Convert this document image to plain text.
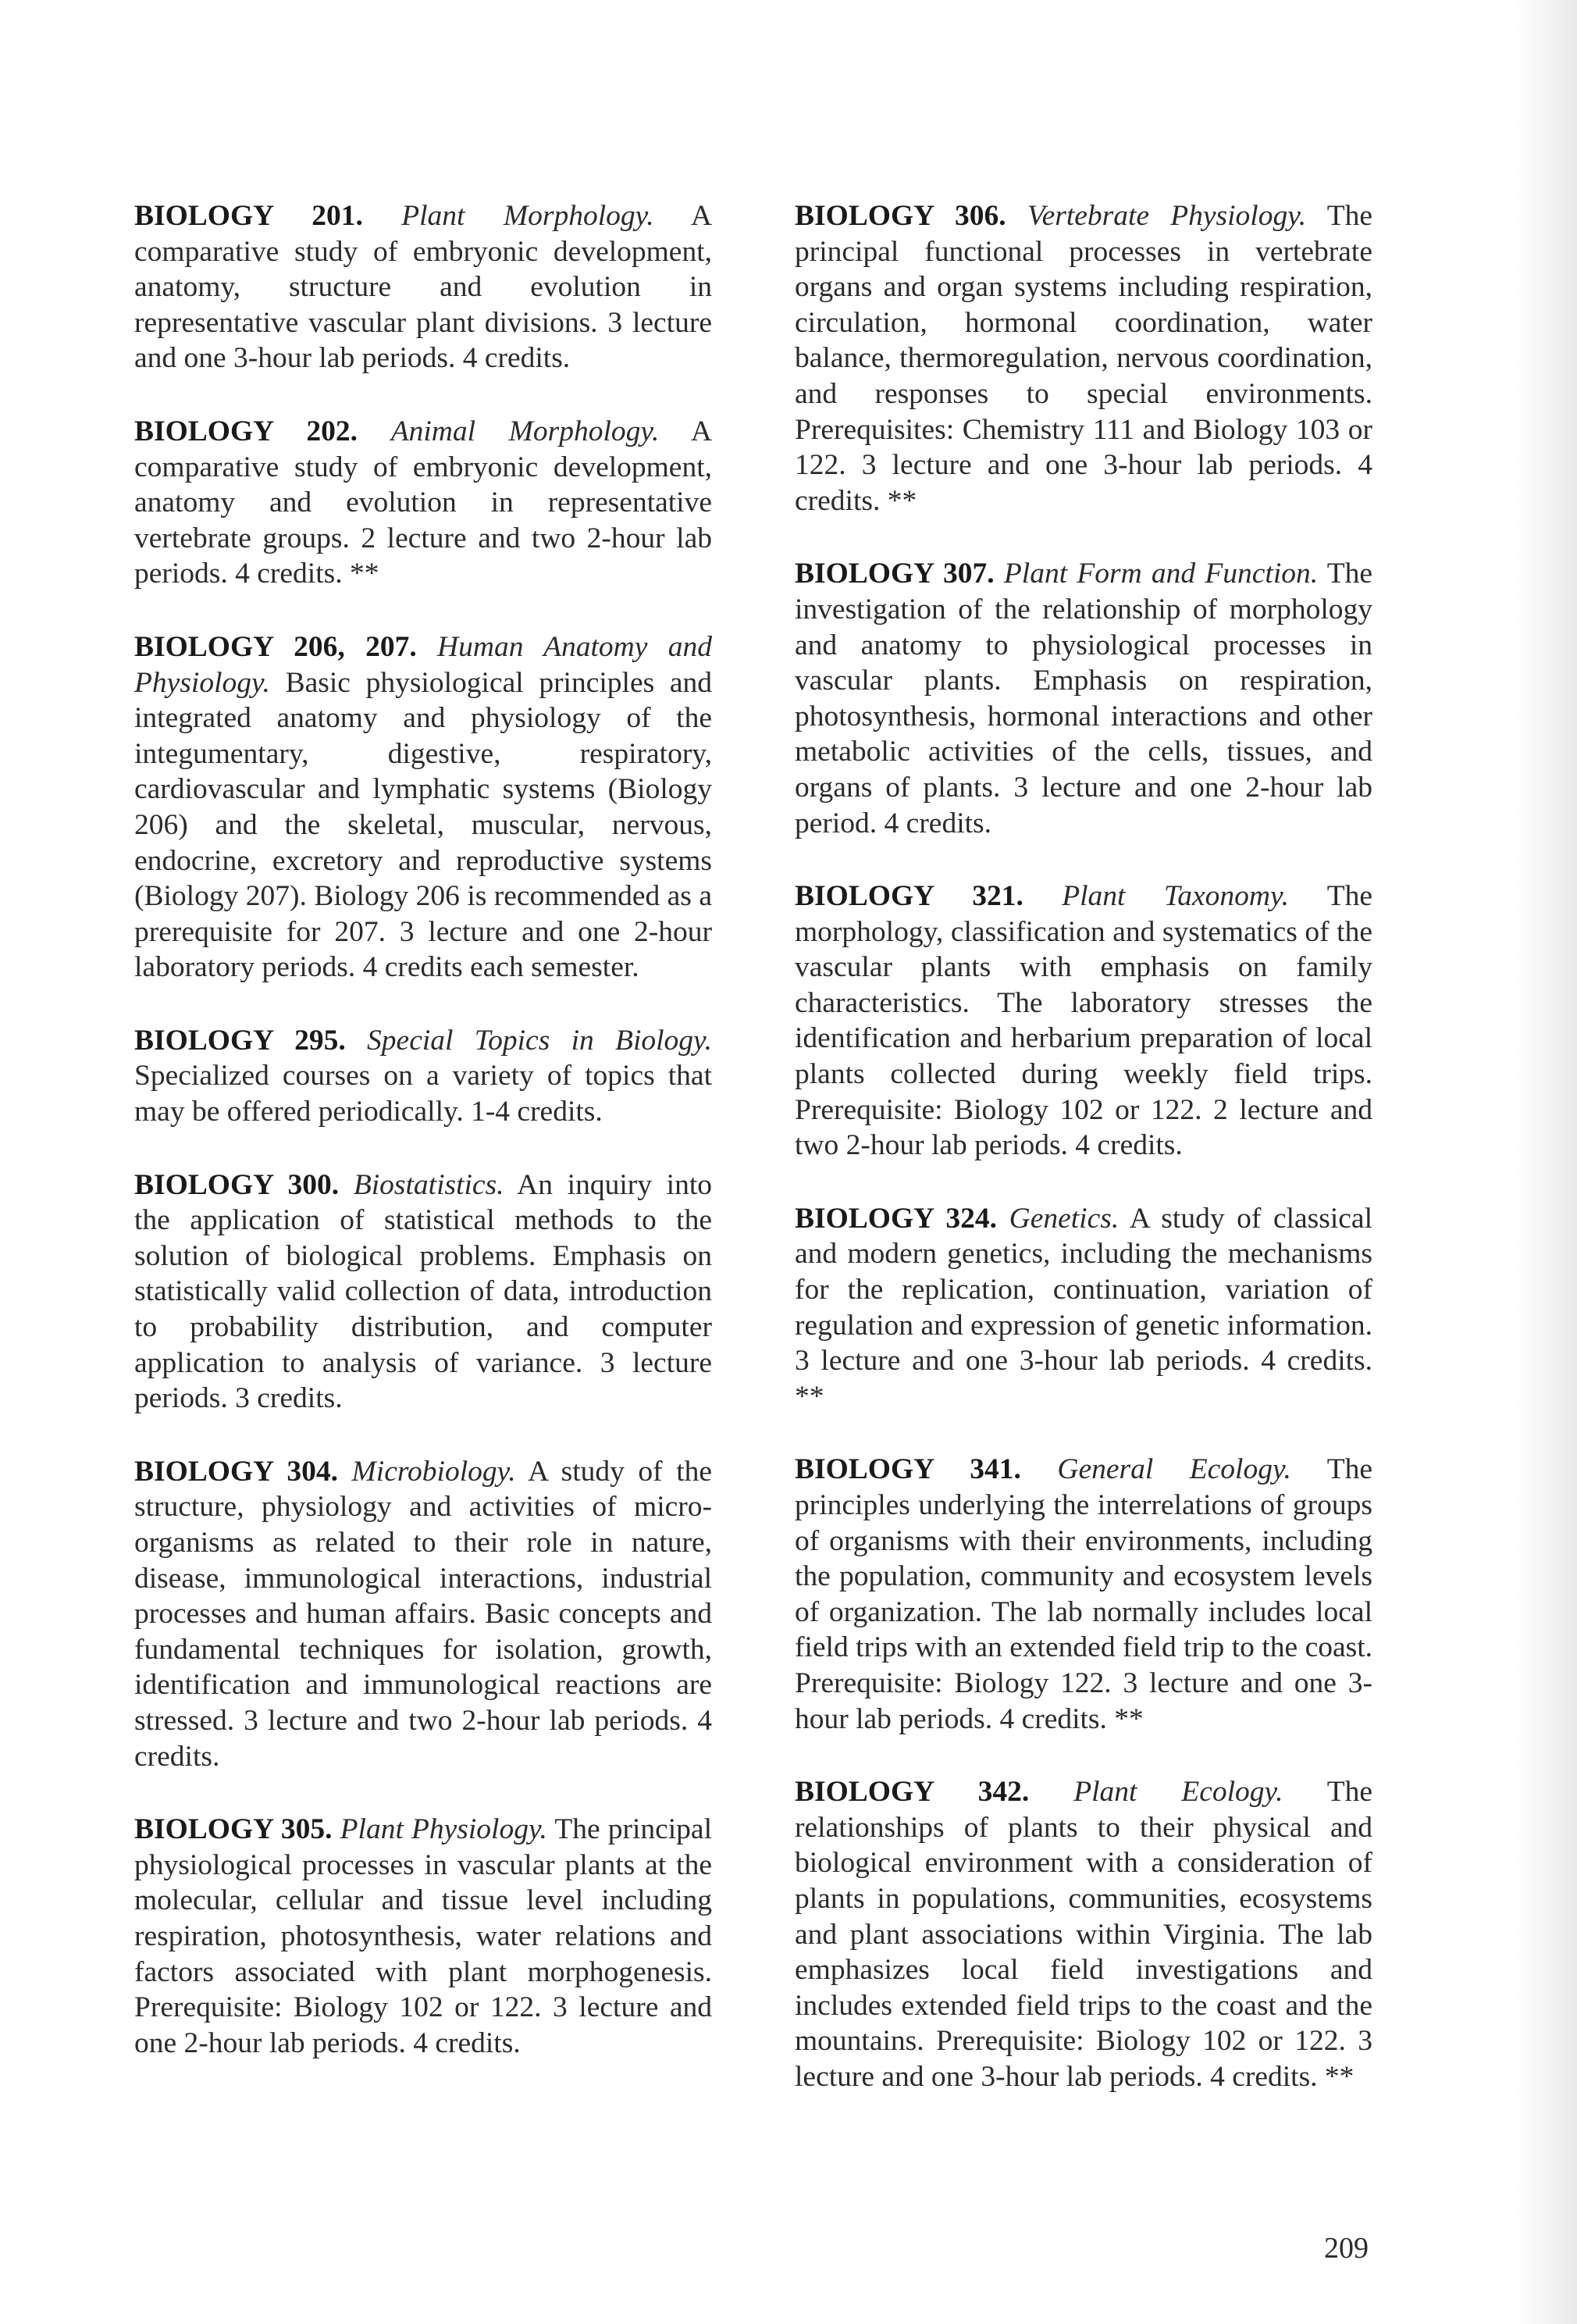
BIOLOGY 201. Plant Morphology. A comparative study of embryonic development, anatomy, structure and evolution in representative vascular plant divisions. 3 lecture and one 3-hour lab periods. 4 credits.

BIOLOGY 202. Animal Morphology. A comparative study of embryonic development, anatomy and evolution in representative vertebrate groups. 2 lecture and two 2-hour lab periods. 4 credits. **

BIOLOGY 206, 207. Human Anatomy and Physiology. Basic physiological principles and integrated anatomy and physiology of the integumentary, digestive, respiratory, cardiovascular and lymphatic systems (Biology 206) and the skeletal, muscular, nervous, endocrine, excretory and reproductive systems (Biology 207). Biology 206 is recommended as a prerequisite for 207. 3 lecture and one 2-hour laboratory periods. 4 credits each semester.

BIOLOGY 295. Special Topics in Biology. Specialized courses on a variety of topics that may be offered periodically. 1-4 credits.

BIOLOGY 300. Biostatistics. An inquiry into the application of statistical methods to the solution of biological problems. Emphasis on statistically valid collection of data, introduction to probability distribution, and computer application to analysis of variance. 3 lecture periods. 3 credits.

BIOLOGY 304. Microbiology. A study of the structure, physiology and activities of micro-organisms as related to their role in nature, disease, immunological interactions, industrial processes and human affairs. Basic concepts and fundamental techniques for isolation, growth, identification and immunological reactions are stressed. 3 lecture and two 2-hour lab periods. 4 credits.

BIOLOGY 305. Plant Physiology. The principal physiological processes in vascular plants at the molecular, cellular and tissue level including respiration, photosynthesis, water relations and factors associated with plant morphogenesis. Prerequisite: Biology 102 or 122. 3 lecture and one 2-hour lab periods. 4 credits.

BIOLOGY 306. Vertebrate Physiology. The principal functional processes in vertebrate organs and organ systems including respiration, circulation, hormonal coordination, water balance, thermoregulation, nervous coordination, and responses to special environments. Prerequisites: Chemistry 111 and Biology 103 or 122. 3 lecture and one 3-hour lab periods. 4 credits. **

BIOLOGY 307. Plant Form and Function. The investigation of the relationship of morphology and anatomy to physiological processes in vascular plants. Emphasis on respiration, photosynthesis, hormonal interactions and other metabolic activities of the cells, tissues, and organs of plants. 3 lecture and one 2-hour lab period. 4 credits.

BIOLOGY 321. Plant Taxonomy. The morphology, classification and systematics of the vascular plants with emphasis on family characteristics. The laboratory stresses the identification and herbarium preparation of local plants collected during weekly field trips. Prerequisite: Biology 102 or 122. 2 lecture and two 2-hour lab periods. 4 credits.

BIOLOGY 324. Genetics. A study of classical and modern genetics, including the mechanisms for the replication, continuation, variation of regulation and expression of genetic information. 3 lecture and one 3-hour lab periods. 4 credits. **

BIOLOGY 341. General Ecology. The principles underlying the interrelations of groups of organisms with their environments, including the population, community and ecosystem levels of organization. The lab normally includes local field trips with an extended field trip to the coast. Prerequisite: Biology 122. 3 lecture and one 3-hour lab periods. 4 credits. **

BIOLOGY 342. Plant Ecology. The relationships of plants to their physical and biological environment with a consideration of plants in populations, communities, ecosystems and plant associations within Virginia. The lab emphasizes local field investigations and includes extended field trips to the coast and the mountains. Prerequisite: Biology 102 or 122. 3 lecture and one 3-hour lab periods. 4 credits. **

209
